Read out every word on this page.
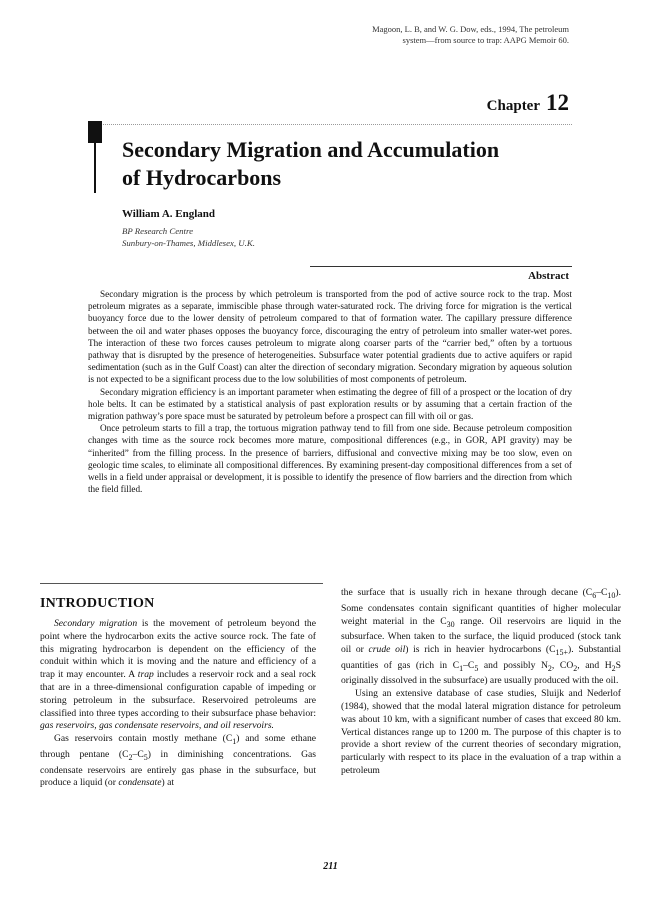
Magoon, L. B, and W. G. Dow, eds., 1994, The petroleum
system—from source to trap: AAPG Memoir 60.
Chapter 12
Secondary Migration and Accumulation
of Hydrocarbons
William A. England
BP Research Centre
Sunbury-on-Thames, Middlesex, U.K.
Abstract

Secondary migration is the process by which petroleum is transported from the pod of active source rock to the trap. Most petroleum migrates as a separate, immiscible phase through water-saturated rock. The driving force for migration is the vertical buoyancy force due to the lower density of petroleum compared to that of formation water. The capillary pressure difference between the oil and water phases opposes the buoyancy force, discouraging the entry of petroleum into smaller water-wet pores. The interaction of these two forces causes petroleum to migrate along coarser parts of the “carrier bed,” often by a tortuous pathway that is disrupted by the presence of heterogeneities. Subsurface water potential gradients due to active aquifers or rapid sedimentation (such as in the Gulf Coast) can alter the direction of secondary migration. Secondary migration by aqueous solution is not expected to be a significant process due to the low solubilities of most components of petroleum.

Secondary migration efficiency is an important parameter when estimating the degree of fill of a prospect or the location of dry hole belts. It can be estimated by a statistical analysis of past exploration results or by assuming that a certain fraction of the migration pathway’s pore space must be saturated by petroleum before a prospect can fill with oil or gas.

Once petroleum starts to fill a trap, the tortuous migration pathway tend to fill from one side. Because petroleum composition changes with time as the source rock becomes more mature, compositional differences (e.g., in GOR, API gravity) may be “inherited” from the filling process. In the presence of barriers, diffusional and convective mixing may be too slow, even on geologic time scales, to eliminate all compositional differences. By examining present-day compositional differences from a set of wells in a field under appraisal or development, it is possible to identify the presence of flow barriers and the direction from which the field filled.

INTRODUCTION

Secondary migration is the movement of petroleum beyond the point where the hydrocarbon exits the active source rock. The fate of this migrating hydrocarbon is dependent on the efficiency of the conduit within which it is moving and the nature and efficiency of a trap it may encounter. A trap includes a reservoir rock and a seal rock that are in a three-dimensional configuration capable of impeding or storing petroleum in the subsurface. Reservoired petroleums are classified into three types according to their subsurface phase behavior: gas reservoirs, gas condensate reservoirs, and oil reservoirs.

Gas reservoirs contain mostly methane $(C_1)$ and some ethane through pentane $(C_2-C_5)$ in diminishing concentrations. Gas condensate reservoirs are entirely gas phase in the subsurface, but produce a liquid (or condensate) at

the surface that is usually rich in hexane through decane $(C_6-C_{10})$. Some condensates contain significant quantities of higher molecular weight material in the $C_{30}$ range. Oil reservoirs are liquid in the subsurface. When taken to the surface, the liquid produced (stock tank oil or crude oil) is rich in heavier hydrocarbons $(C_{15+})$. Substantial quantities of gas (rich in $C_1-C_5$ and possibly $N_2$, $CO_2$, and $H_2S$ originally dissolved in the subsurface) are usually produced with the oil.

Using an extensive database of case studies, Sluijk and Nederlof (1984), showed that the modal lateral migration distance for petroleum was about 10 km, with a significant number of cases that exceed 80 km. Vertical distances range up to 1200 m. The purpose of this chapter is to provide a short review of the current theories of secondary migration, particularly with respect to its place in the evaluation of a trap within a petroleum

211
